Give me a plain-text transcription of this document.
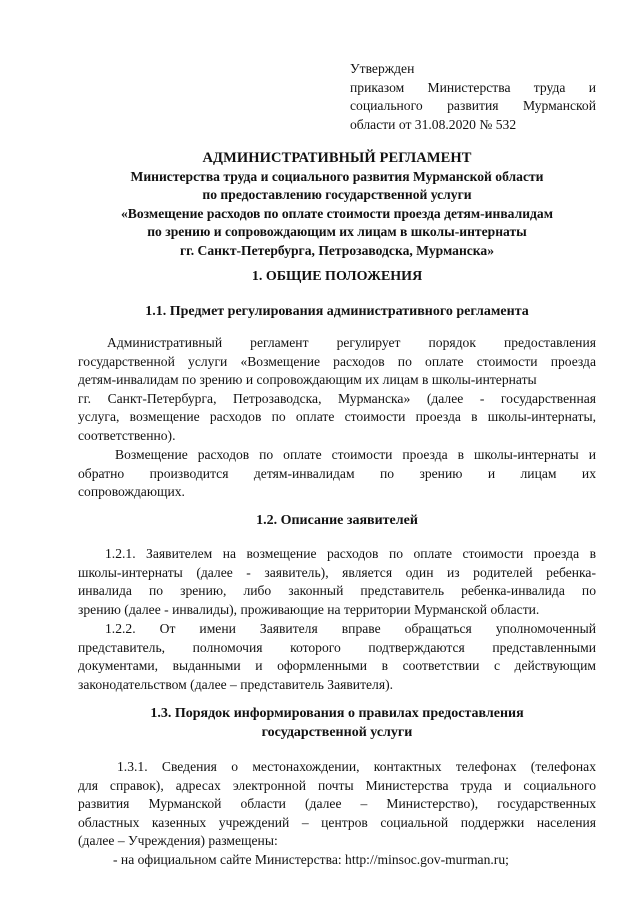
Утвержден
приказом Министерства труда и
социального развития Мурманской
области от 31.08.2020 № 532
АДМИНИСТРАТИВНЫЙ РЕГЛАМЕНТ
Министерства труда и социального развития Мурманской области
по предоставлению государственной услуги
«Возмещение расходов по оплате стоимости проезда детям-инвалидам
по зрению и сопровождающим их лицам в школы-интернаты
гг. Санкт-Петербурга, Петрозаводска, Мурманска»
1. ОБЩИЕ ПОЛОЖЕНИЯ
1.1. Предмет регулирования административного регламента
Административный регламент регулирует порядок предоставления
государственной услуги «Возмещение расходов по оплате стоимости проезда
детям-инвалидам по зрению и сопровождающим их лицам в школы-интернаты
гг. Санкт-Петербурга, Петрозаводска, Мурманска» (далее - государственная
услуга, возмещение расходов по оплате стоимости проезда в школы-интернаты,
соответственно).
Возмещение расходов по оплате стоимости проезда в школы-интернаты и
обратно производится детям-инвалидам по зрению и лицам их
сопровождающих.
1.2. Описание заявителей
1.2.1. Заявителем на возмещение расходов по оплате стоимости проезда в
школы-интернаты (далее - заявитель), является один из родителей ребенка-
инвалида по зрению, либо законный представитель ребенка-инвалида по
зрению (далее - инвалиды), проживающие на территории Мурманской области.
1.2.2. От имени Заявителя вправе обращаться уполномоченный
представитель, полномочия которого подтверждаются представленными
документами, выданными и оформленными в соответствии с действующим
законодательством (далее – представитель Заявителя).
1.3. Порядок информирования о правилах предоставления
государственной услуги
1.3.1. Сведения о местонахождении, контактных телефонах (телефонах
для справок), адресах электронной почты Министерства труда и социального
развития Мурманской области (далее – Министерство), государственных
областных казенных учреждений – центров социальной поддержки населения
(далее – Учреждения) размещены:
- на официальном сайте Министерства: http://minsoc.gov-murman.ru;
